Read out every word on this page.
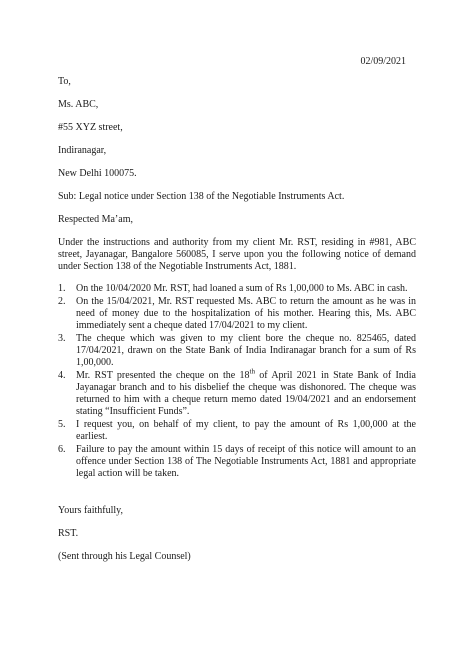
02/09/2021
To,
Ms. ABC,
#55 XYZ street,
Indiranagar,
New Delhi 100075.
Sub: Legal notice under Section 138 of the Negotiable Instruments Act.
Respected Ma’am,
Under the instructions and authority from my client Mr. RST, residing in #981, ABC street, Jayanagar, Bangalore 560085, I serve upon you the following notice of demand under Section 138 of the Negotiable Instruments Act, 1881.
1. On the 10/04/2020 Mr. RST, had loaned a sum of Rs 1,00,000 to Ms. ABC in cash.
2. On the 15/04/2021, Mr. RST requested Ms. ABC to return the amount as he was in need of money due to the hospitalization of his mother. Hearing this, Ms. ABC immediately sent a cheque dated 17/04/2021 to my client.
3. The cheque which was given to my client bore the cheque no. 825465, dated 17/04/2021, drawn on the State Bank of India Indiranagar branch for a sum of Rs 1,00,000.
4. Mr. RST presented the cheque on the 18th of April 2021 in State Bank of India Jayanagar branch and to his disbelief the cheque was dishonored. The cheque was returned to him with a cheque return memo dated 19/04/2021 and an endorsement stating “Insufficient Funds”.
5. I request you, on behalf of my client, to pay the amount of Rs 1,00,000 at the earliest.
6. Failure to pay the amount within 15 days of receipt of this notice will amount to an offence under Section 138 of The Negotiable Instruments Act, 1881 and appropriate legal action will be taken.
Yours faithfully,
RST.
(Sent through his Legal Counsel)
